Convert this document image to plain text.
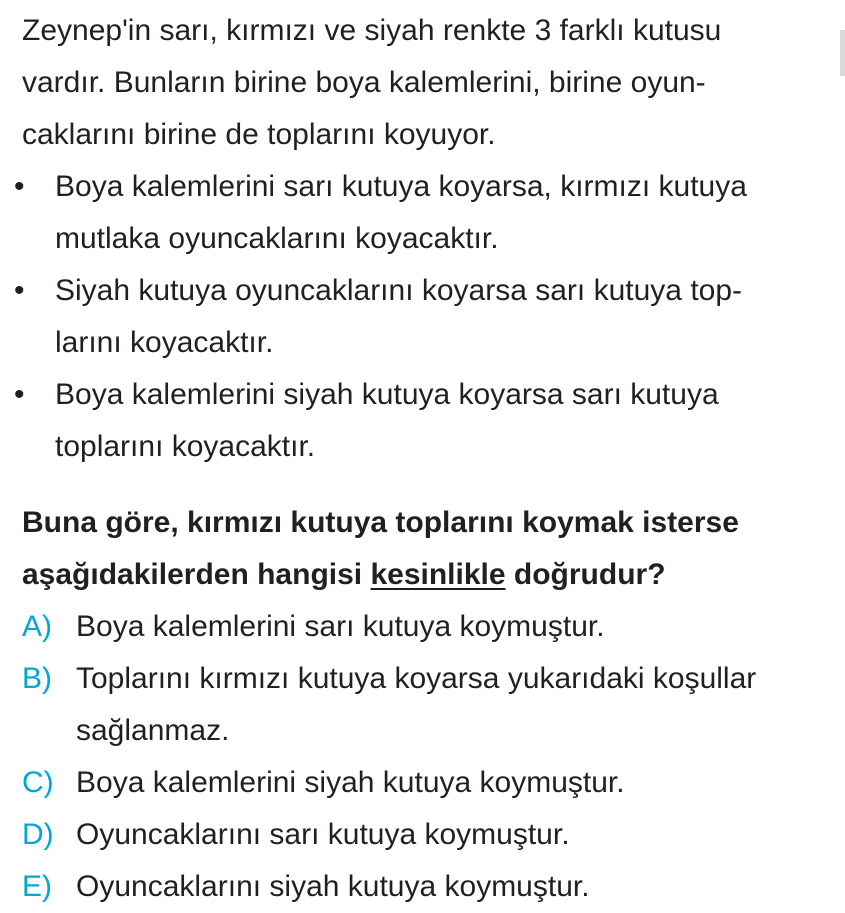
Zeynep'in sarı, kırmızı ve siyah renkte 3 farklı kutusu
vardır. Bunların birine boya kalemlerini, birine oyun-
caklarını birine de toplarını koyuyor.

• Boya kalemlerini sarı kutuya koyarsa, kırmızı kutuya
mutlaka oyuncaklarını koyacaktır.
• Siyah kutuya oyuncaklarını koyarsa sarı kutuya top-
larını koyacaktır.
• Boya kalemlerini siyah kutuya koyarsa sarı kutuya
toplarını koyacaktır.
Buna göre, kırmızı kutuya toplarını koymak isterse
aşağıdakilerden hangisi kesinlikle doğrudur?
A) Boya kalemlerini sarı kutuya koymuştur.
B) Toplarını kırmızı kutuya koyarsa yukarıdaki koşullar
sağlanmaz.
C) Boya kalemlerini siyah kutuya koymuştur.
D) Oyuncaklarını sarı kutuya koymuştur.
E) Oyuncaklarını siyah kutuya koymuştur.
